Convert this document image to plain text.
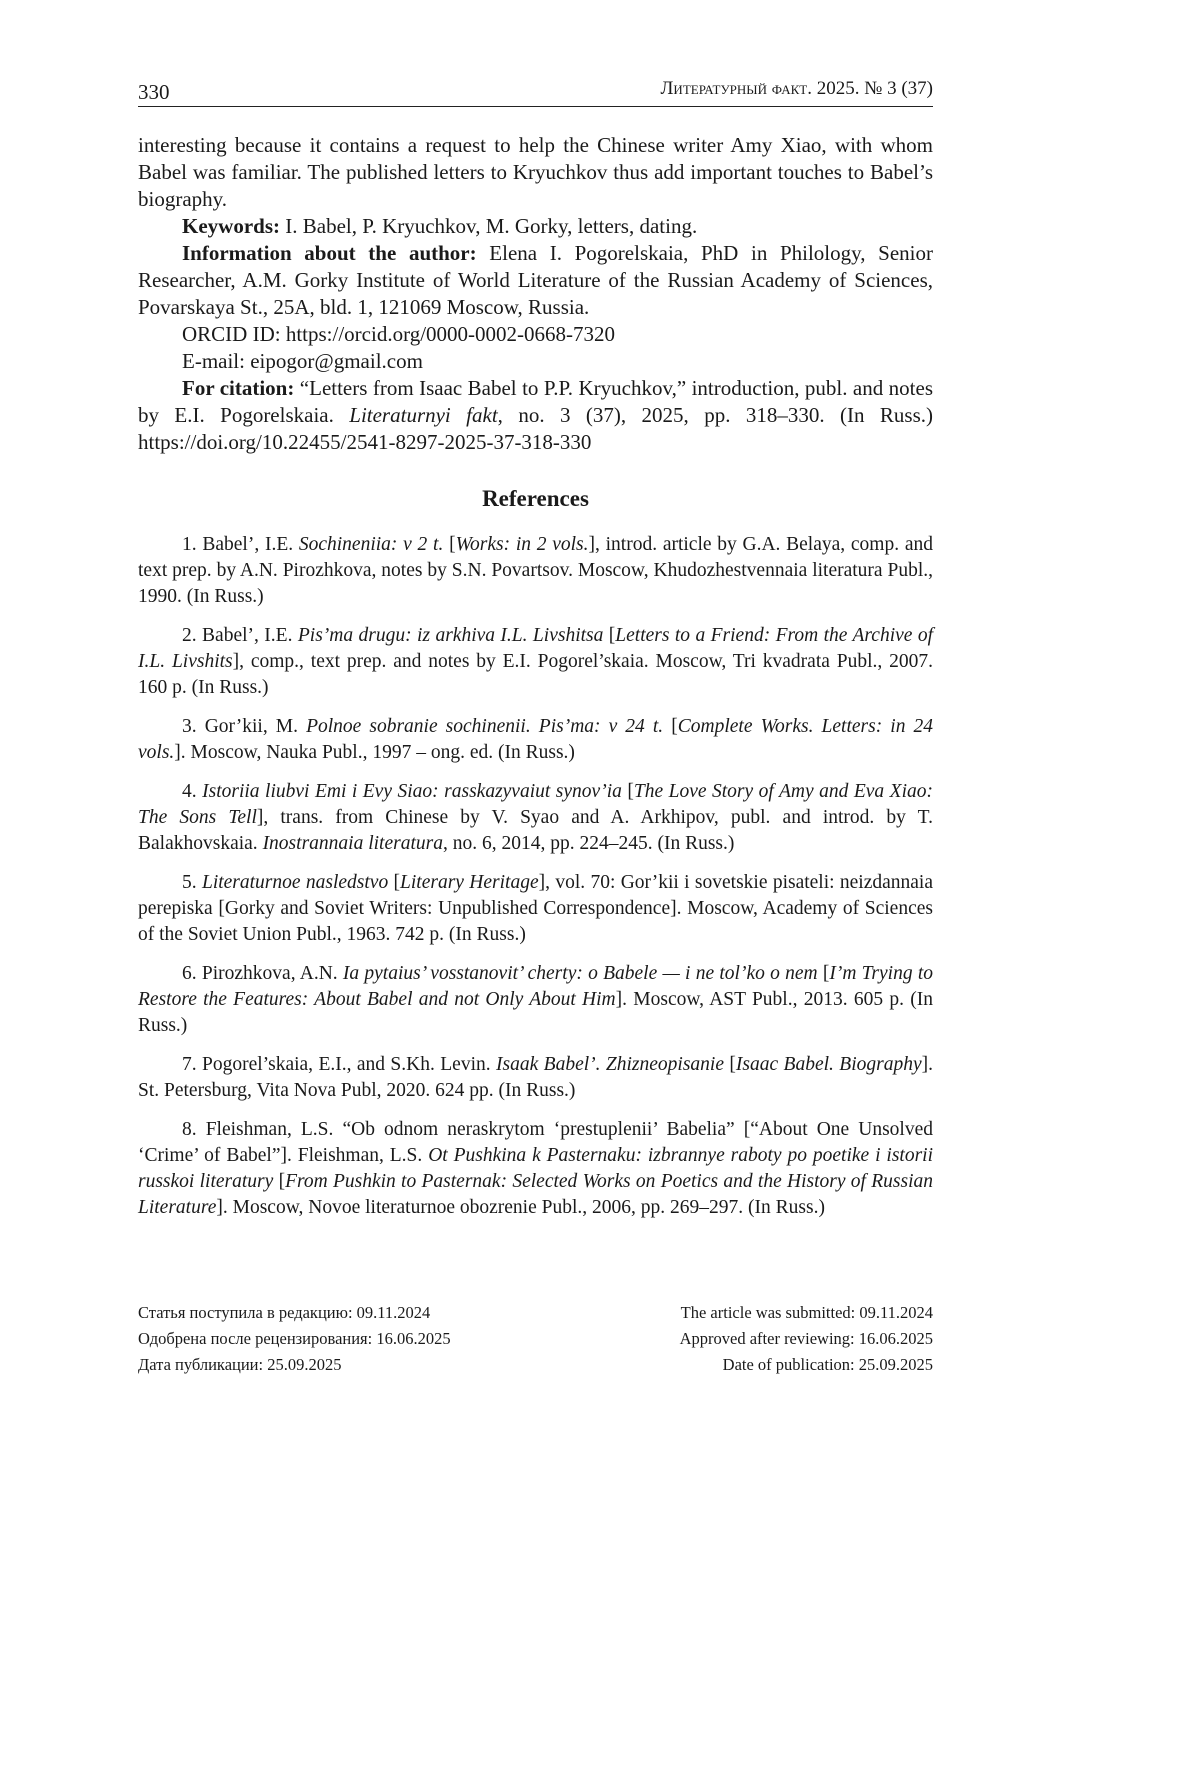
330	Литературный факт. 2025. № 3 (37)

interesting because it contains a request to help the Chinese writer Amy Xiao, with whom Babel was familiar. The published letters to Kryuchkov thus add important touches to Babel’s biography.

Keywords: I. Babel, P. Kryuchkov, M. Gorky, letters, dating.

Information about the author: Elena I. Pogorelskaia, PhD in Philology, Senior Researcher, A.M. Gorky Institute of World Literature of the Russian Academy of Sciences, Povarskaya St., 25A, bld. 1, 121069 Moscow, Russia.

ORCID ID: https://orcid.org/0000-0002-0668-7320

E-mail: eipogor@gmail.com

For citation: “Letters from Isaac Babel to P.P. Kryuchkov,” introduction, publ. and notes by E.I. Pogorelskaia. Literaturnyi fakt, no. 3 (37), 2025, pp. 318–330. (In Russ.) https://doi.org/10.22455/2541-8297-2025-37-318-330

References

1. Babel’, I.E. Sochineniia: v 2 t. [Works: in 2 vols.], introd. article by G.A. Belaya, comp. and text prep. by A.N. Pirozhkova, notes by S.N. Povartsov. Moscow, Khudozhestvennaia literatura Publ., 1990. (In Russ.)

2. Babel’, I.E. Pis’ma drugu: iz arkhiva I.L. Livshitsa [Letters to a Friend: From the Archive of I.L. Livshits], comp., text prep. and notes by E.I. Pogorel’skaia. Moscow, Tri kvadrata Publ., 2007. 160 p. (In Russ.)

3. Gor’kii, M. Polnoe sobranie sochinenii. Pis’ma: v 24 t. [Complete Works. Letters: in 24 vols.]. Moscow, Nauka Publ., 1997 – ong. ed. (In Russ.)

4. Istoriia liubvi Emi i Evy Siao: rasskazyvaiut synov’ia [The Love Story of Amy and Eva Xiao: The Sons Tell], trans. from Chinese by V. Syao and A. Arkhipov, publ. and introd. by T. Balakhovskaia. Inostrannaia literatura, no. 6, 2014, pp. 224–245. (In Russ.)

5. Literaturnoe nasledstvo [Literary Heritage], vol. 70: Gor’kii i sovetskie pisateli: neizdannaia perepiska [Gorky and Soviet Writers: Unpublished Correspondence]. Moscow, Academy of Sciences of the Soviet Union Publ., 1963. 742 p. (In Russ.)

6. Pirozhkova, A.N. Ia pytaius’ vosstanovit’ cherty: o Babele — i ne tol’ko o nem [I’m Trying to Restore the Features: About Babel and not Only About Him]. Moscow, AST Publ., 2013. 605 p. (In Russ.)

7. Pogorel’skaia, E.I., and S.Kh. Levin. Isaak Babel’. Zhizneopisanie [Isaac Babel. Biography]. St. Petersburg, Vita Nova Publ, 2020. 624 pp. (In Russ.)

8. Fleishman, L.S. “Ob odnom neraskrytom ‘prestuplenii’ Babelia” [“About One Unsolved ‘Crime’ of Babel”]. Fleishman, L.S. Ot Pushkina k Pasternaku: izbrannye raboty po poetike i istorii russkoi literatury [From Pushkin to Pasternak: Selected Works on Poetics and the History of Russian Literature]. Moscow, Novoe literaturnoe obozrenie Publ., 2006, pp. 269–297. (In Russ.)

Статья поступила в редакцию: 09.11.2024
Одобрена после рецензирования: 16.06.2025
Дата публикации: 25.09.2025
The article was submitted: 09.11.2024
Approved after reviewing: 16.06.2025
Date of publication: 25.09.2025
